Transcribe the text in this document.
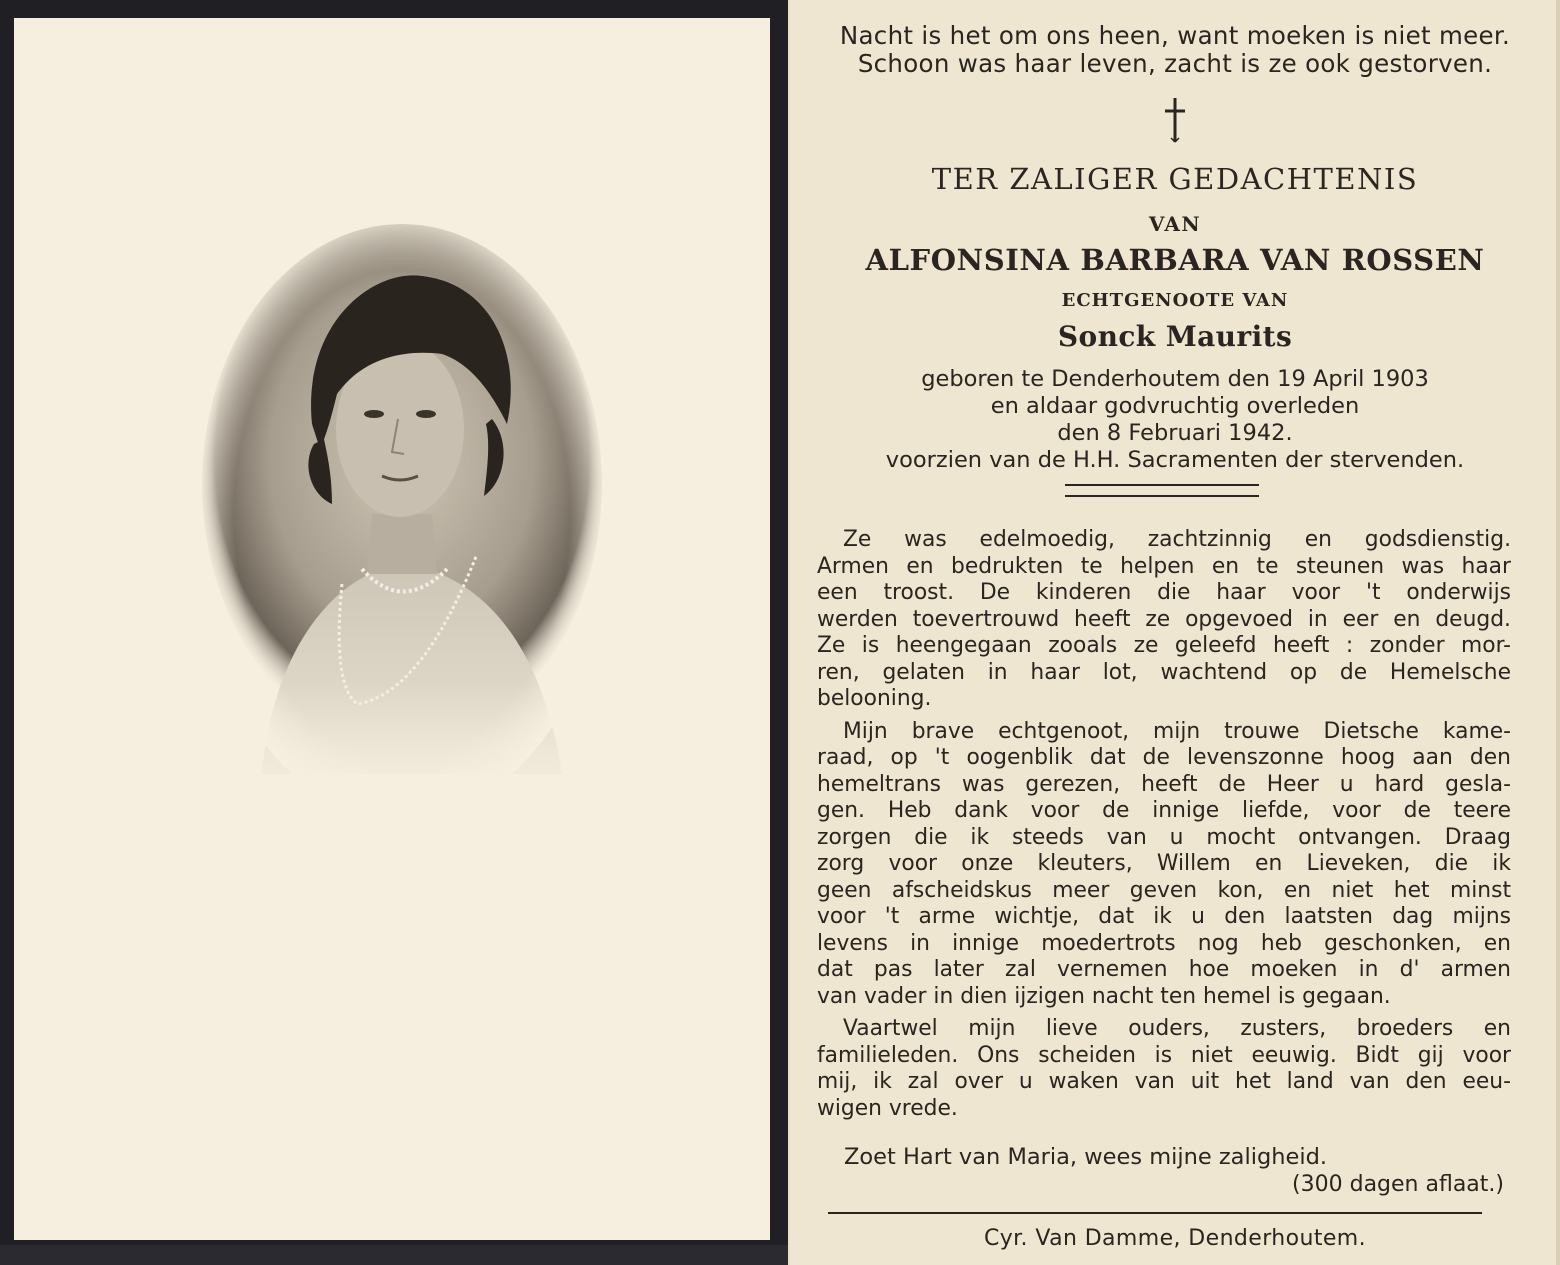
Nacht is het om ons heen, want moeken is niet meer.
Schoon was haar leven, zacht is ze ook gestorven.
TER ZALIGER GEDACHTENIS
VAN
ALFONSINA BARBARA VAN ROSSEN
ECHTGENOOTE VAN
Sonck Maurits
geboren te Denderhoutem den 19 April 1903
en aldaar godvruchtig overleden
den 8 Februari 1942.
voorzien van de H.H. Sacramenten der stervenden.
Ze was edelmoedig, zachtzinnig en godsdienstig.
Armen en bedrukten te helpen en te steunen was haar
een troost. De kinderen die haar voor 't onderwijs
werden toevertrouwd heeft ze opgevoed in eer en deugd.
Ze is heengegaan zooals ze geleefd heeft : zonder mor-
ren, gelaten in haar lot, wachtend op de Hemelsche
belooning.
Mijn brave echtgenoot, mijn trouwe Dietsche kame-
raad, op 't oogenblik dat de levenszonne hoog aan den
hemeltrans was gerezen, heeft de Heer u hard gesla-
gen. Heb dank voor de innige liefde, voor de teere
zorgen die ik steeds van u mocht ontvangen. Draag
zorg voor onze kleuters, Willem en Lieveken, die ik
geen afscheidskus meer geven kon, en niet het minst
voor 't arme wichtje, dat ik u den laatsten dag mijns
levens in innige moedertrots nog heb geschonken, en
dat pas later zal vernemen hoe moeken in d' armen
van vader in dien ijzigen nacht ten hemel is gegaan.
Vaartwel mijn lieve ouders, zusters, broeders en
familieleden. Ons scheiden is niet eeuwig. Bidt gij voor
mij, ik zal over u waken van uit het land van den eeu-
wigen vrede.
Zoet Hart van Maria, wees mijne zaligheid.
(300 dagen aflaat.)
Cyr. Van Damme, Denderhoutem.
